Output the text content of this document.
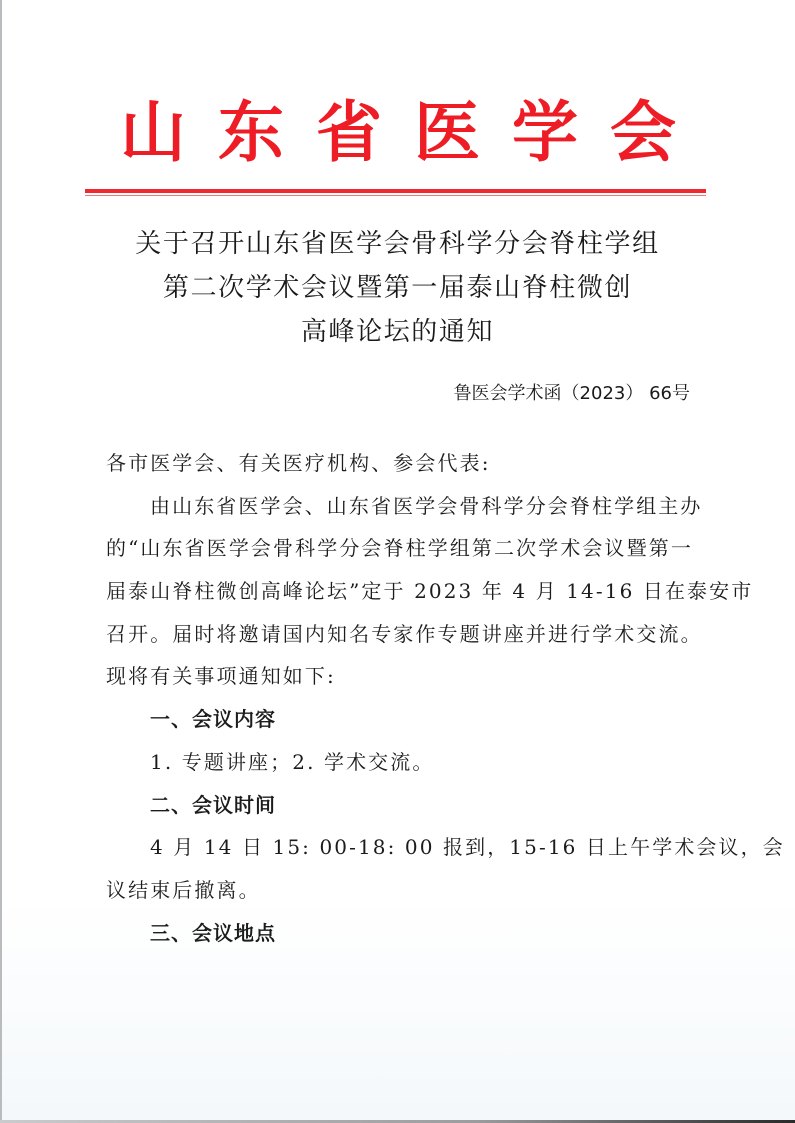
山 东 省 医 学 会
关于召开山东省医学会骨科学分会脊柱学组
第二次学术会议暨第一届泰山脊柱微创
高峰论坛的通知
鲁医会学术函（2023） 66号
各市医学会、有关医疗机构、参会代表:
由山东省医学会、山东省医学会骨科学分会脊柱学组主办
的“山东省医学会骨科学分会脊柱学组第二次学术会议暨第一
届泰山脊柱微创高峰论坛”定于 2023 年 4 月 14-16 日在泰安市
召开。届时将邀请国内知名专家作专题讲座并进行学术交流。
现将有关事项通知如下:
一、会议内容
1. 专题讲座；2. 学术交流。
二、会议时间
4 月 14 日 15: 00-18: 00 报到，15-16 日上午学术会议，会
议结束后撤离。
三、会议地点
